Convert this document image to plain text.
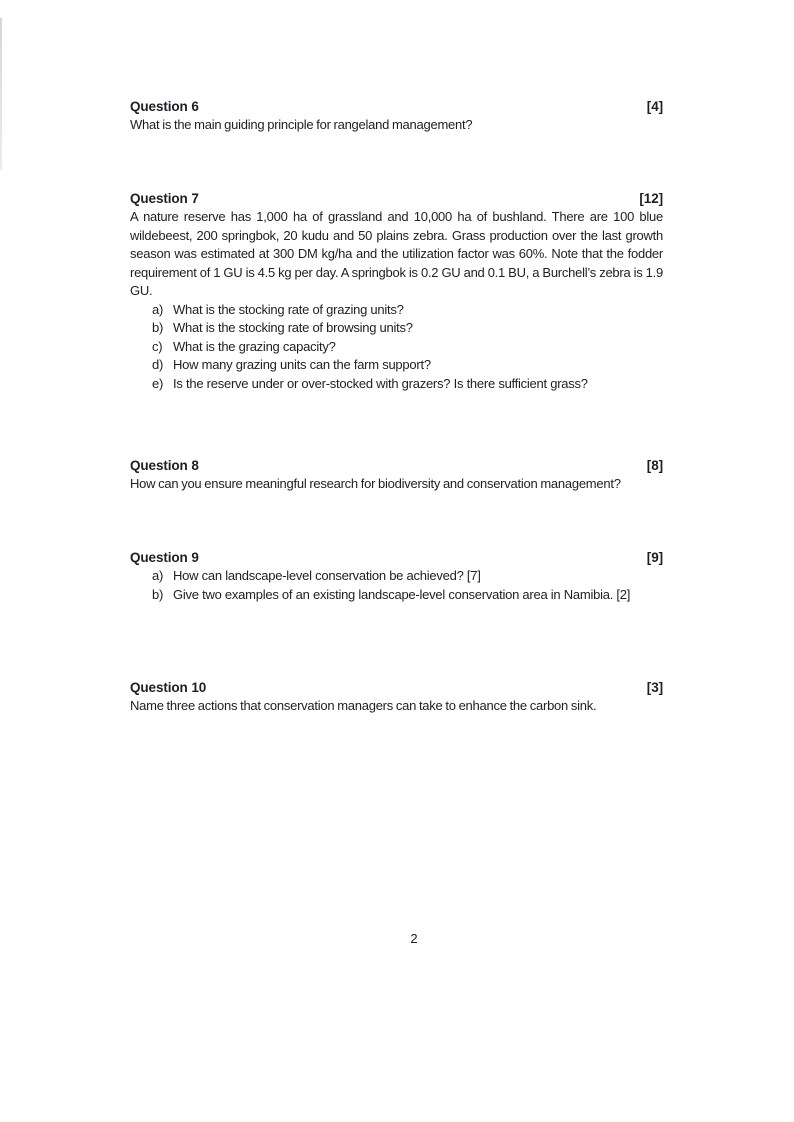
Question 6	[4]
What is the main guiding principle for rangeland management?
Question 7	[12]
A nature reserve has 1,000 ha of grassland and 10,000 ha of bushland. There are 100 blue wildebeest, 200 springbok, 20 kudu and 50 plains zebra. Grass production over the last growth season was estimated at 300 DM kg/ha and the utilization factor was 60%. Note that the fodder requirement of 1 GU is 4.5 kg per day. A springbok is 0.2 GU and 0.1 BU, a Burchell’s zebra is 1.9 GU.
a) What is the stocking rate of grazing units?
b) What is the stocking rate of browsing units?
c) What is the grazing capacity?
d) How many grazing units can the farm support?
e) Is the reserve under or over-stocked with grazers? Is there sufficient grass?
Question 8	[8]
How can you ensure meaningful research for biodiversity and conservation management?
Question 9	[9]
a) How can landscape-level conservation be achieved? [7]
b) Give two examples of an existing landscape-level conservation area in Namibia. [2]
Question 10	[3]
Name three actions that conservation managers can take to enhance the carbon sink.
2
